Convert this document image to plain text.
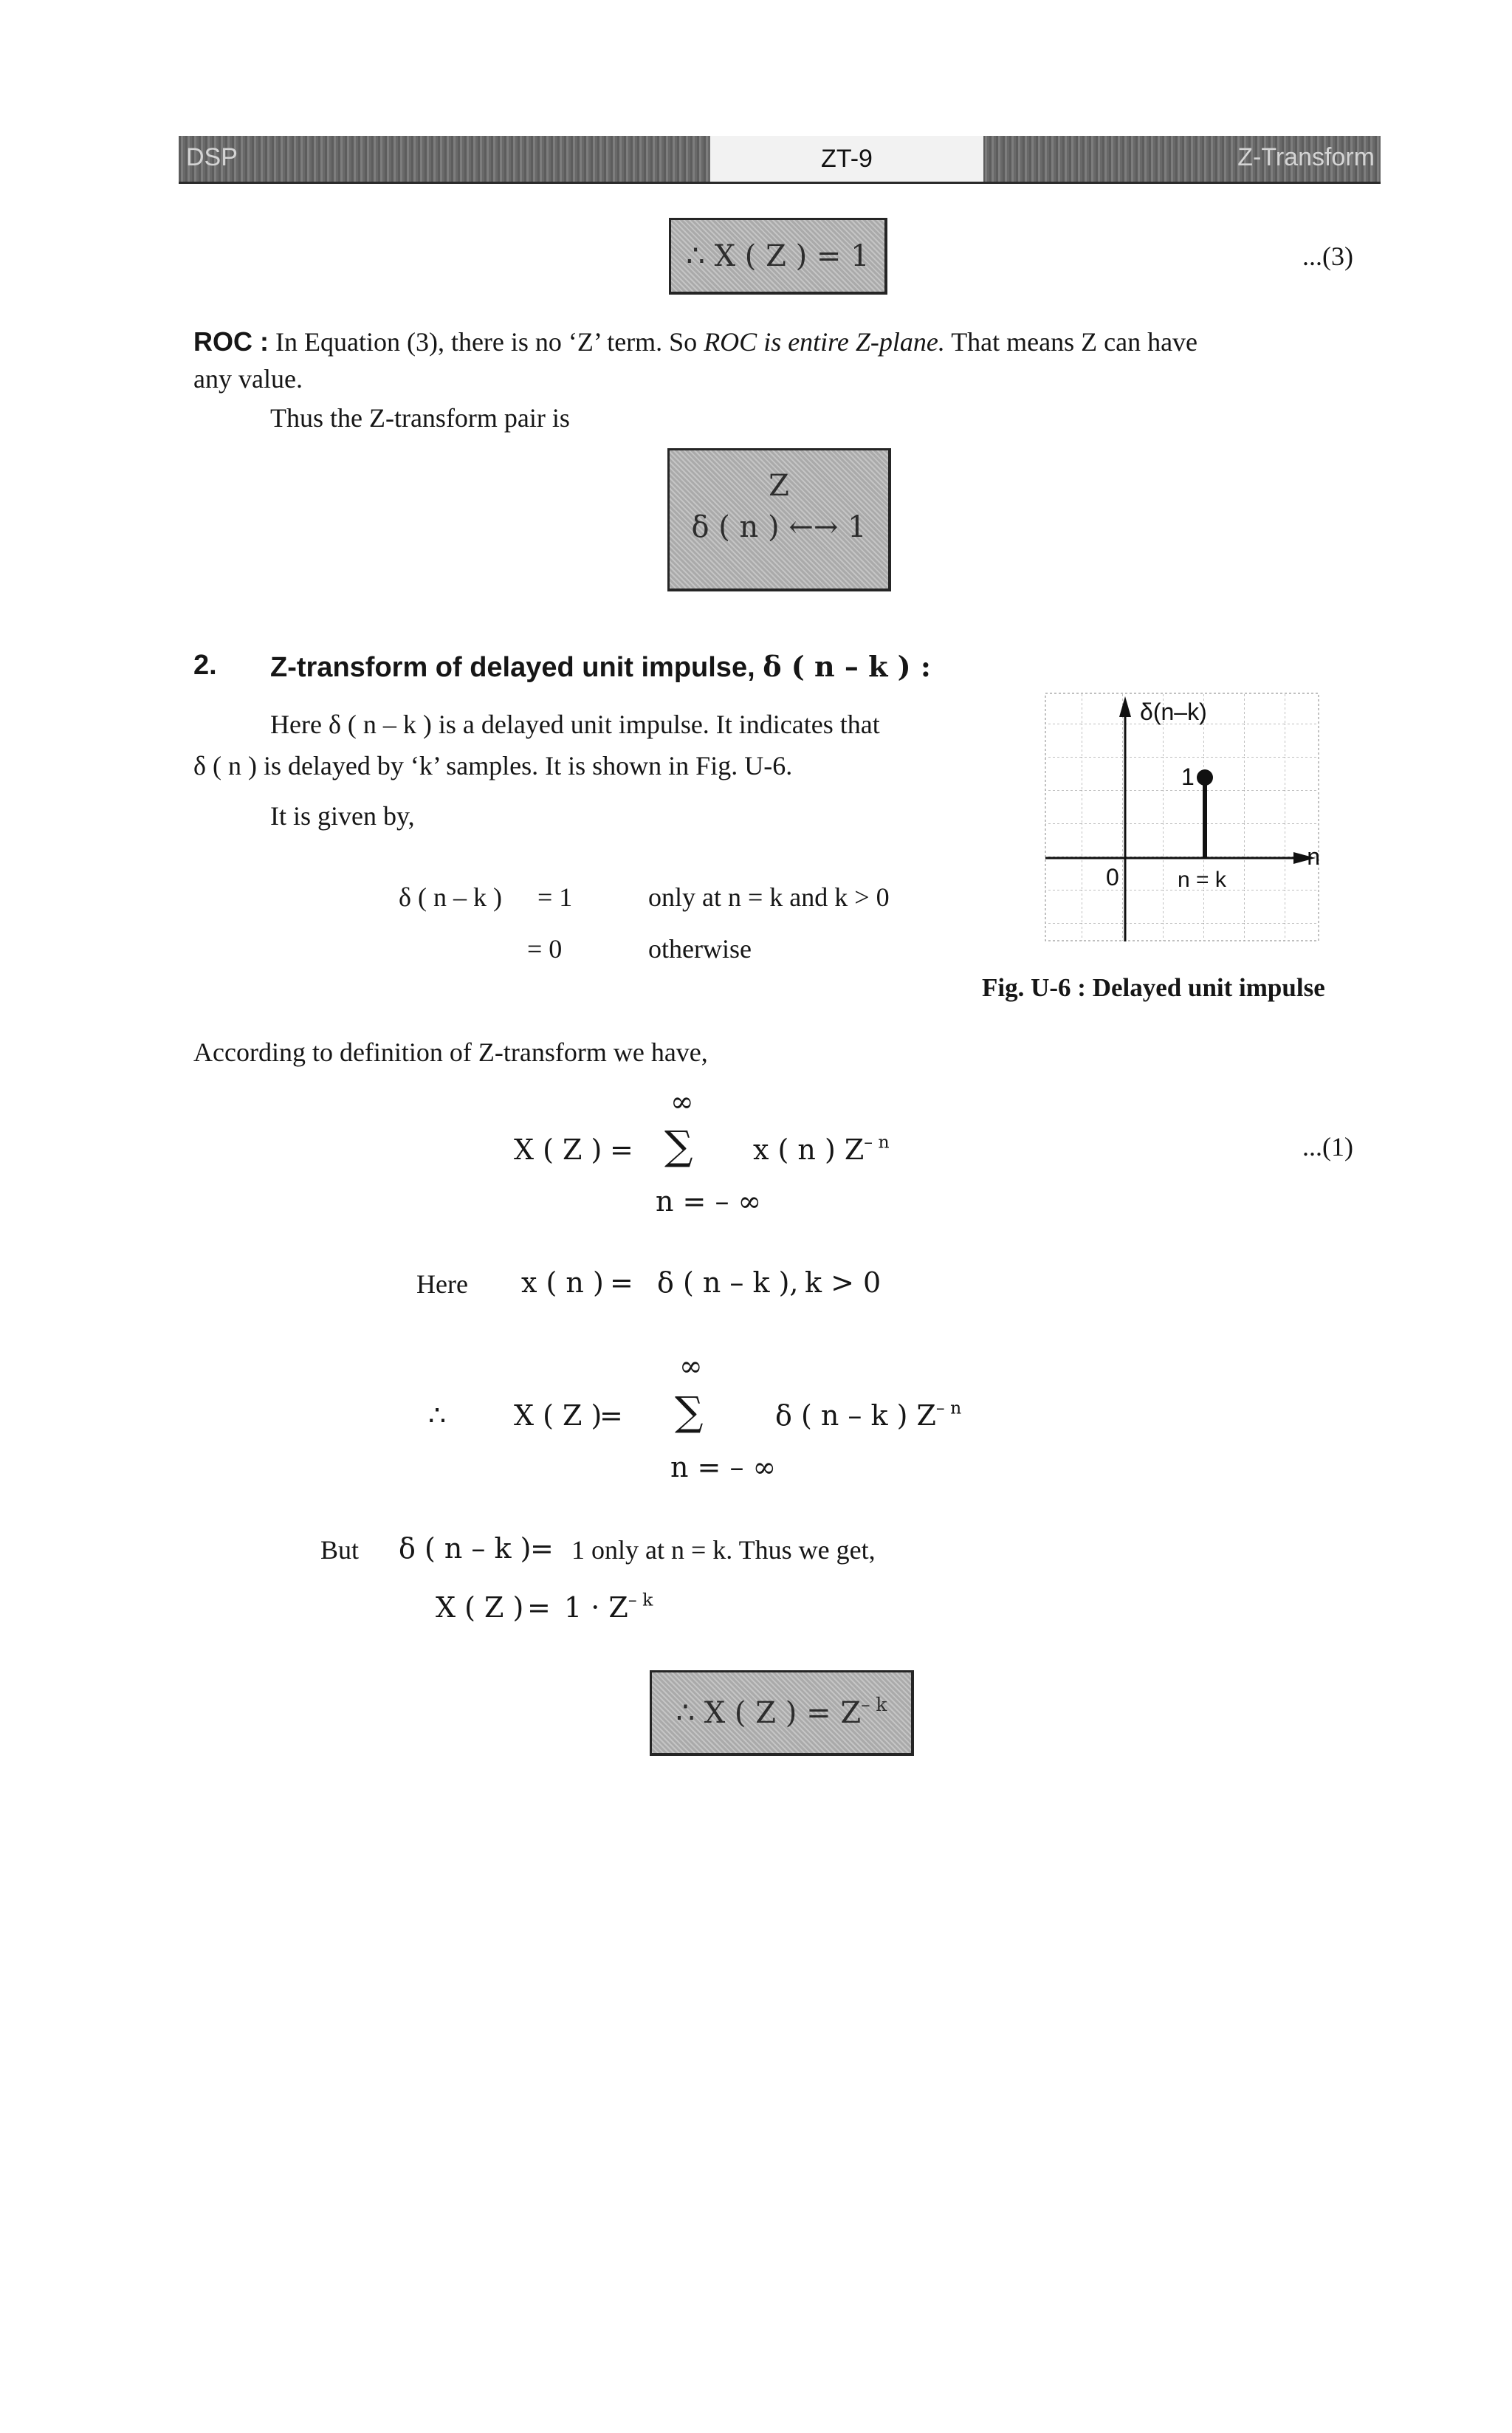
DSP	ZT-9	Z-Transform
∴ X ( Z ) = 1	...(3)
ROC : In Equation (3), there is no ‘Z’ term. So ROC is entire Z-plane. That means Z can have
any value.
Thus the Z-transform pair is
Z
δ ( n ) ←→ 1
2. Z-transform of delayed unit impulse, δ ( n – k ) :
Here δ ( n – k ) is a delayed unit impulse. It indicates that
δ ( n ) is delayed by ‘k’ samples. It is shown in Fig. U-6.
It is given by,
δ ( n – k ) = 1	only at n = k and k > 0
= 0	otherwise
δ(n–k)
n
0
1
n = k
Fig. U-6 : Delayed unit impulse
According to definition of Z-transform we have,
∞
X ( Z ) = ∑ x ( n ) $Z^{- n}$	...(1)
n = – ∞
Here x ( n ) = δ ( n – k ), k > 0
∞
∴ X ( Z )
= ∑	δ ( n – k ) $Z^{- n}$
n = – ∞
But δ ( n – k )
= 1 only at n = k. Thus we get,
X ( Z ) = $1 \cdot Z^{- k}$
∴ X ( Z ) = $Z^{- k}$
